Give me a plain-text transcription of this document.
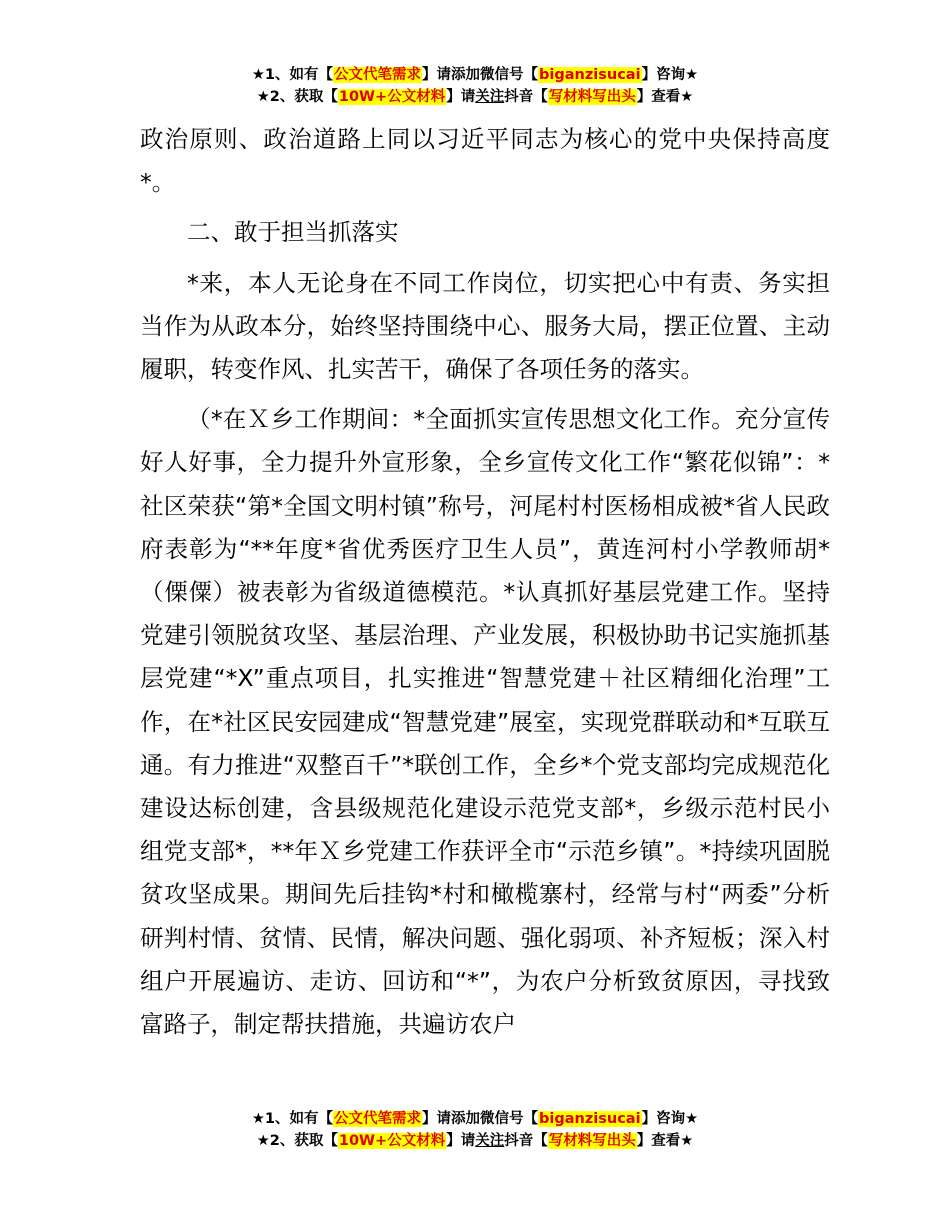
★1、如有【公文代笔需求】请添加微信号【biganzisucai】咨询★
★2、获取【10W+公文材料】请关注抖音【写材料写出头】查看★

政治原则、政治道路上同以习近平同志为核心的党中央保持高度*。

二、敢于担当抓落实

*来，本人无论身在不同工作岗位，切实把心中有责、务实担当作为从政本分，始终坚持围绕中心、服务大局，摆正位置、主动履职，转变作风、扎实苦干，确保了各项任务的落实。

（*在Ｘ乡工作期间：*全面抓实宣传思想文化工作。充分宣传好人好事，全力提升外宣形象，全乡宣传文化工作“繁花似锦”：*社区荣获“第*全国文明村镇”称号，河尾村村医杨相成被*省人民政府表彰为“**年度*省优秀医疗卫生人员”，黄连河村小学教师胡*（傈僳）被表彰为省级道德模范。*认真抓好基层党建工作。坚持党建引领脱贫攻坚、基层治理、产业发展，积极协助书记实施抓基层党建“*X”重点项目，扎实推进“智慧党建＋社区精细化治理”工作，在*社区民安园建成“智慧党建”展室，实现党群联动和*互联互通。有力推进“双整百千”*联创工作，全乡*个党支部均完成规范化建设达标创建，含县级规范化建设示范党支部*，乡级示范村民小组党支部*，**年Ｘ乡党建工作获评全市“示范乡镇”。*持续巩固脱贫攻坚成果。期间先后挂钩*村和橄榄寨村，经常与村“两委”分析研判村情、贫情、民情，解决问题、强化弱项、补齐短板；深入村组户开展遍访、走访、回访和“*”，为农户分析致贫原因，寻找致富路子，制定帮扶措施，共遍访农户

★1、如有【公文代笔需求】请添加微信号【biganzisucai】咨询★
★2、获取【10W+公文材料】请关注抖音【写材料写出头】查看★
